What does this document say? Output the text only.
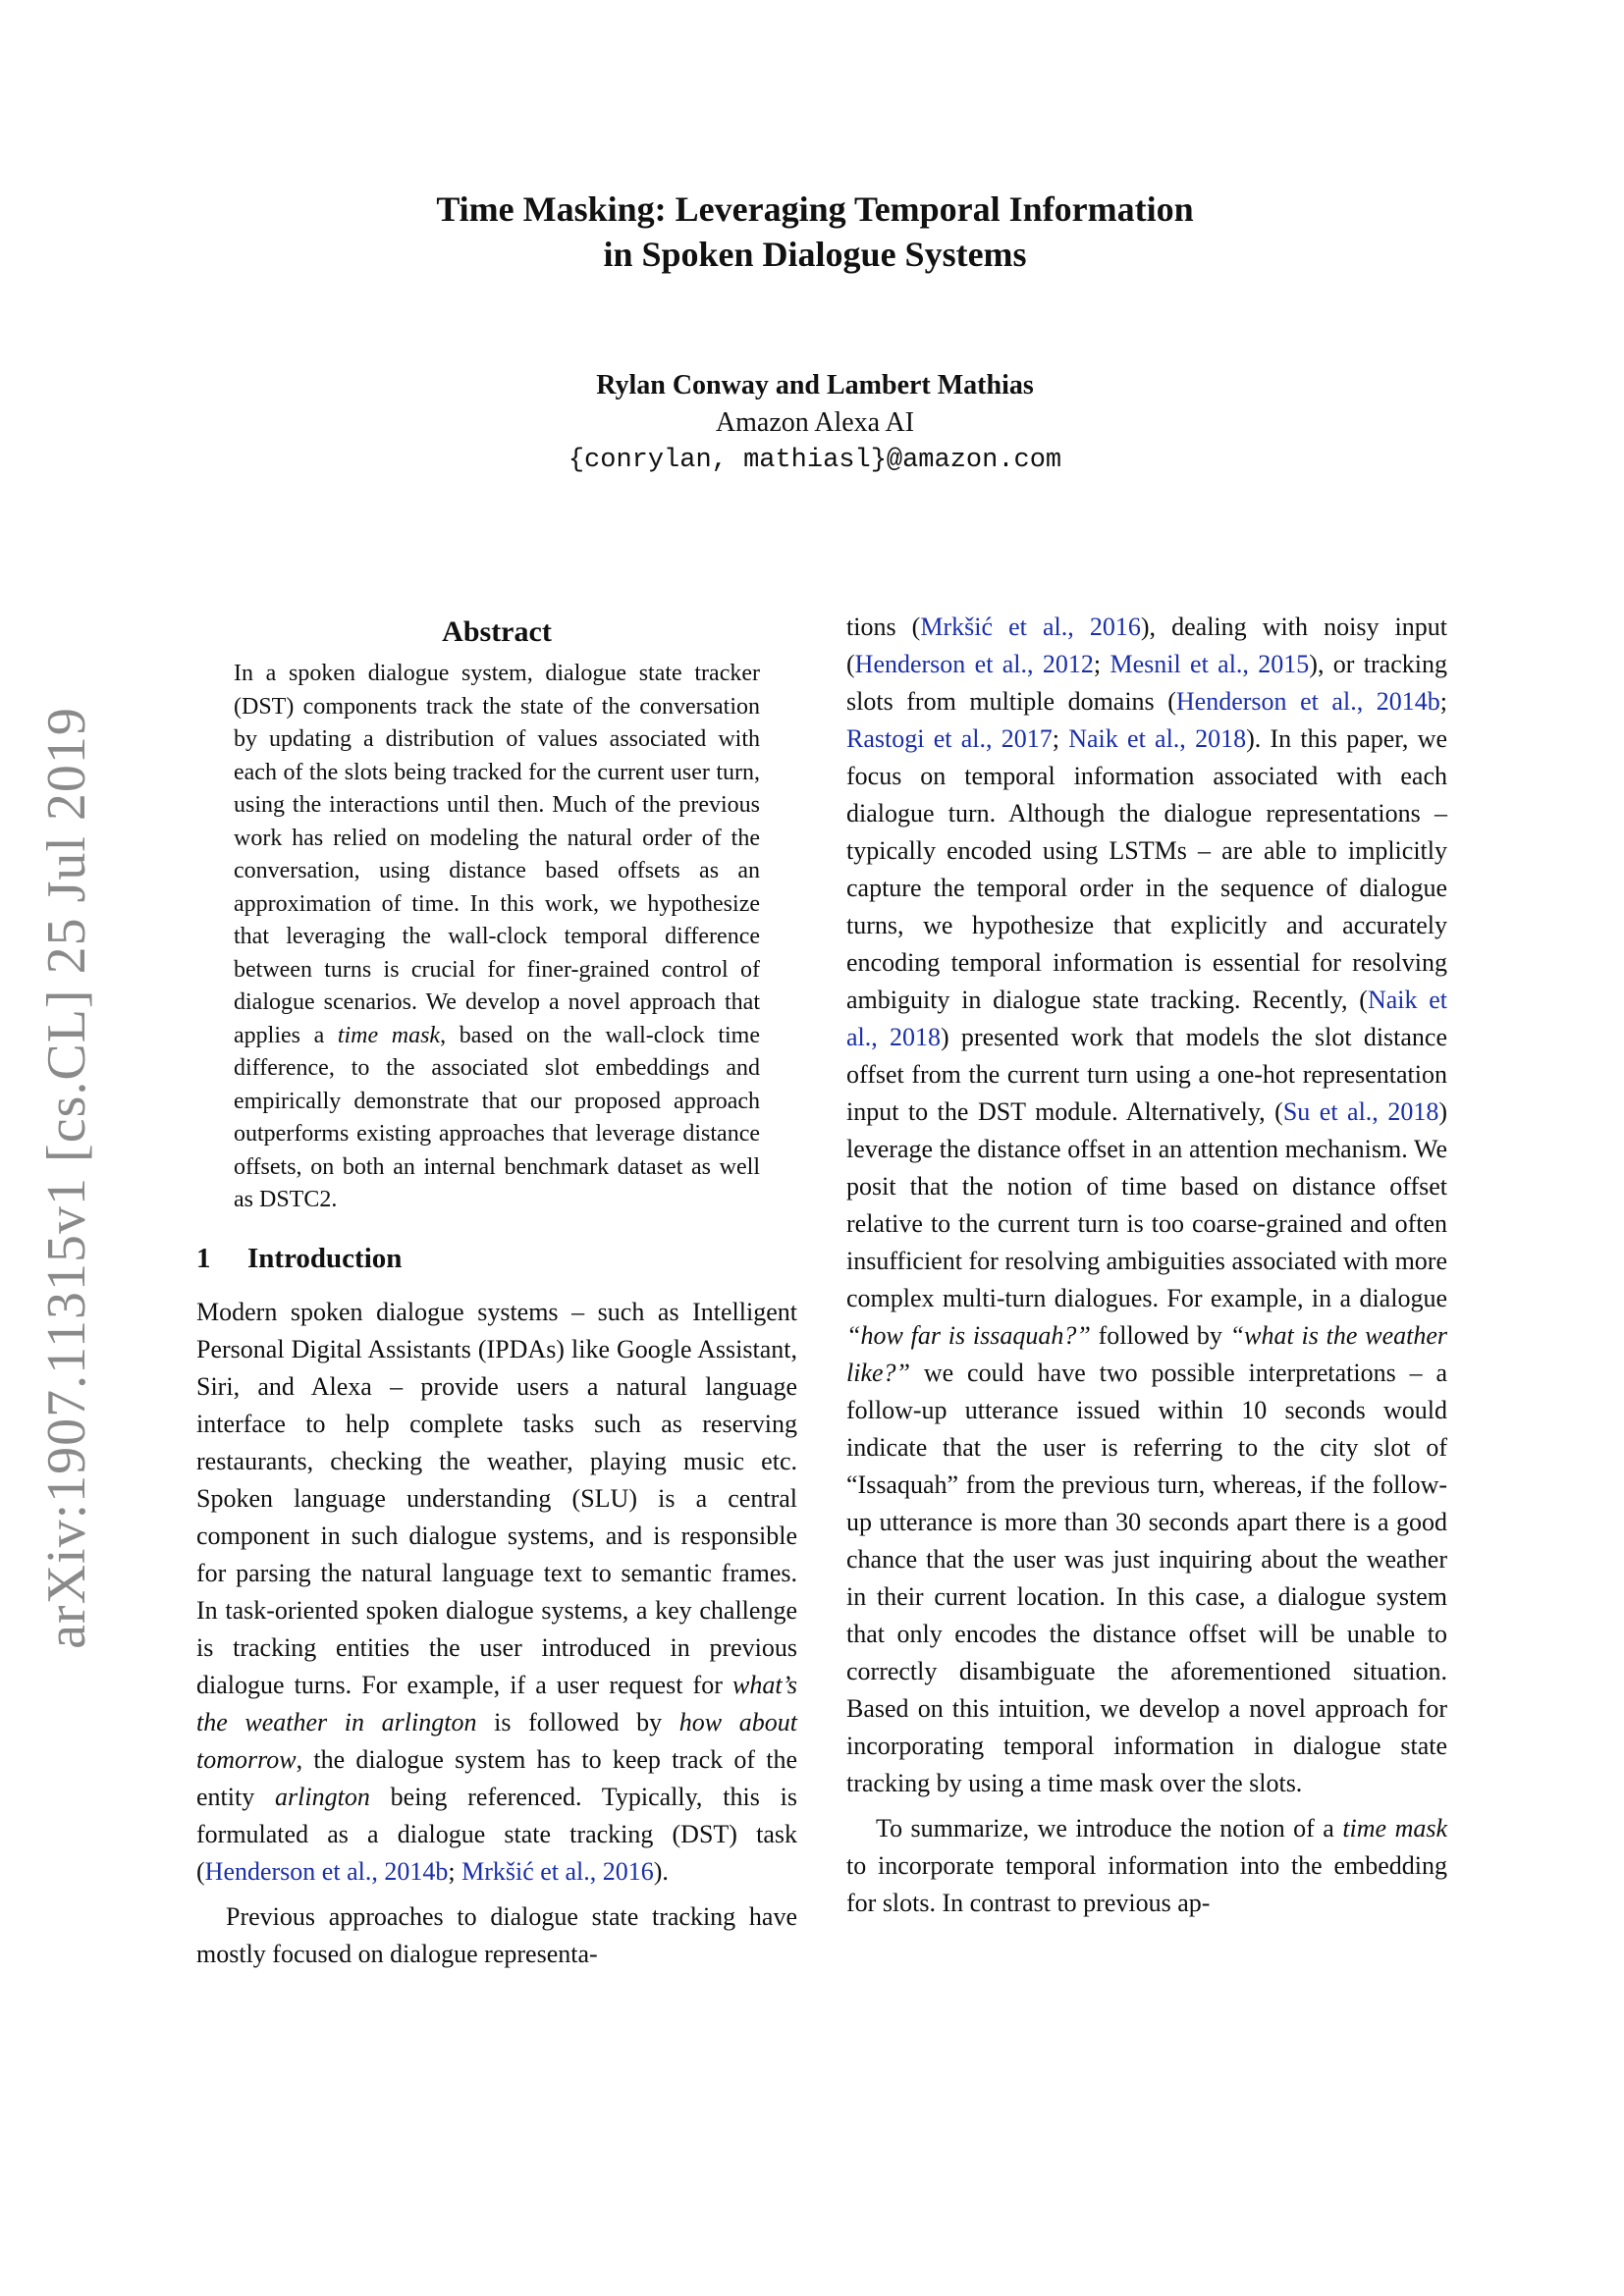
arXiv:1907.11315v1 [cs.CL] 25 Jul 2019
Time Masking: Leveraging Temporal Information
in Spoken Dialogue Systems
Rylan Conway and Lambert Mathias
Amazon Alexa AI
{conrylan, mathiasl}@amazon.com
Abstract

In a spoken dialogue system, dialogue state tracker (DST) components track the state of the conversation by updating a distribution of values associated with each of the slots being tracked for the current user turn, using the interactions until then. Much of the previous work has relied on modeling the natural order of the conversation, using distance based offsets as an approximation of time. In this work, we hypothesize that leveraging the wall-clock temporal difference between turns is crucial for finer-grained control of dialogue scenarios. We develop a novel approach that applies a time mask, based on the wall-clock time difference, to the associated slot embeddings and empirically demonstrate that our proposed approach outperforms existing approaches that leverage distance offsets, on both an internal benchmark dataset as well as DSTC2.

1 Introduction

Modern spoken dialogue systems – such as Intelligent Personal Digital Assistants (IPDAs) like Google Assistant, Siri, and Alexa – provide users a natural language interface to help complete tasks such as reserving restaurants, checking the weather, playing music etc. Spoken language understanding (SLU) is a central component in such dialogue systems, and is responsible for parsing the natural language text to semantic frames. In task-oriented spoken dialogue systems, a key challenge is tracking entities the user introduced in previous dialogue turns. For example, if a user request for what’s the weather in arlington is followed by how about tomorrow, the dialogue system has to keep track of the entity arlington being referenced. Typically, this is formulated as a dialogue state tracking (DST) task (Henderson et al., 2014b; Mrkšić et al., 2016).

Previous approaches to dialogue state tracking have mostly focused on dialogue representa-

tions (Mrkšić et al., 2016), dealing with noisy input (Henderson et al., 2012; Mesnil et al., 2015), or tracking slots from multiple domains (Henderson et al., 2014b; Rastogi et al., 2017; Naik et al., 2018). In this paper, we focus on temporal information associated with each dialogue turn. Although the dialogue representations – typically encoded using LSTMs – are able to implicitly capture the temporal order in the sequence of dialogue turns, we hypothesize that explicitly and accurately encoding temporal information is essential for resolving ambiguity in dialogue state tracking. Recently, (Naik et al., 2018) presented work that models the slot distance offset from the current turn using a one-hot representation input to the DST module. Alternatively, (Su et al., 2018) leverage the distance offset in an attention mechanism. We posit that the notion of time based on distance offset relative to the current turn is too coarse-grained and often insufficient for resolving ambiguities associated with more complex multi-turn dialogues. For example, in a dialogue “how far is issaquah?” followed by “what is the weather like?” we could have two possible interpretations – a follow-up utterance issued within 10 seconds would indicate that the user is referring to the city slot of “Issaquah” from the previous turn, whereas, if the follow-up utterance is more than 30 seconds apart there is a good chance that the user was just inquiring about the weather in their current location. In this case, a dialogue system that only encodes the distance offset will be unable to correctly disambiguate the aforementioned situation. Based on this intuition, we develop a novel approach for incorporating temporal information in dialogue state tracking by using a time mask over the slots.

To summarize, we introduce the notion of a time mask to incorporate temporal information into the embedding for slots. In contrast to previous ap-
